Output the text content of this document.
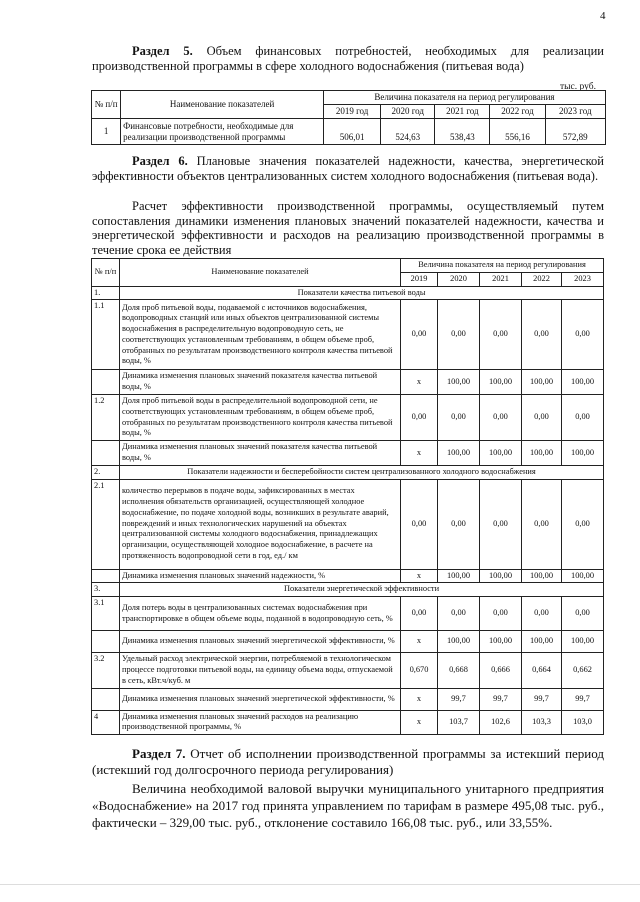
4

Раздел 5. Объем финансовых потребностей, необходимых для реализации производственной программы в сфере холодного водоснабжения (питьевая вода)

тыс. руб.
№ п/п	Наименование показателей	Величина показателя на период регулирования				
		2019 год	2020 год	2021 год	2022 год	2023 год
1	Финансовые потребности, необходимые для реализации производственной программы	506,01	524,63	538,43	556,16	572,89

Раздел 6. Плановые значения показателей надежности, качества, энергетической эффективности объектов централизованных систем холодного водоснабжения (питьевая вода).

Расчет эффективности производственной программы, осуществляемый путем сопоставления динамики изменения плановых значений показателей надежности, качества и энергетической эффективности и расходов на реализацию производственной программы в течение срока ее действия

№ п/п	Наименование показателей	Величина показателя на период регулирования				
		2019	2020	2021	2022	2023
1.	Показатели качества питьевой воды					
1.1	Доля проб питьевой воды, подаваемой с источников водоснабжения, водопроводных станций или иных объектов централизованной системы водоснабжения в распределительную водопроводную сеть, не соответствующих установленным требованиям, в общем объеме проб, отобранных по результатам производственного контроля качества питьевой воды, %	0,00	0,00	0,00	0,00	0,00
	Динамика изменения плановых значений показателя качества питьевой воды, %	х	100,00	100,00	100,00	100,00
1.2	Доля проб питьевой воды в распределительной водопроводной сети, не соответствующих установленным требованиям, в общем объеме проб, отобранных по результатам производственного контроля качества питьевой воды, %	0,00	0,00	0,00	0,00	0,00
	Динамика изменения плановых значений показателя качества питьевой воды, %	х	100,00	100,00	100,00	100,00
2.	Показатели надежности и бесперебойности систем централизованного холодного водоснабжения					
2.1	количество перерывов в подаче воды, зафиксированных в местах исполнения обязательств организацией, осуществляющей холодное водоснабжение, по подаче холодной воды, возникших в результате аварий, повреждений и иных технологических нарушений на объектах централизованной системы холодного водоснабжения, принадлежащих организации, осуществляющей холодное водоснабжение, в расчете на протяженность водопроводной сети в год, ед./ км	0,00	0,00	0,00	0,00	0,00
	Динамика изменения плановых значений надежности, %	х	100,00	100,00	100,00	100,00
3.	Показатели энергетической эффективности					
3.1	Доля потерь воды в централизованных системах водоснабжения при транспортировке в общем объеме воды, поданной в водопроводную сеть, %	0,00	0,00	0,00	0,00	0,00
	Динамика изменения плановых значений энергетической эффективности, %	х	100,00	100,00	100,00	100,00
3.2	Удельный расход электрической энергии, потребляемой в технологическом процессе подготовки питьевой воды, на единицу объема воды, отпускаемой в сеть, кВт.ч/куб. м	0,670	0,668	0,666	0,664	0,662
	Динамика изменения плановых значений энергетической эффективности, %	х	99,7	99,7	99,7	99,7
4	Динамика изменения плановых значений расходов на реализацию производственной программы, %	х	103,7	102,6	103,3	103,0

Раздел 7. Отчет об исполнении производственной программы за истекший период (истекший год долгосрочного периода регулирования)

Величина необходимой валовой выручки муниципального унитарного предприятия «Водоснабжение» на 2017 год принята управлением по тарифам в размере 495,08 тыс. руб., фактически – 329,00 тыс. руб., отклонение составило 166,08 тыс. руб., или 33,55%.
